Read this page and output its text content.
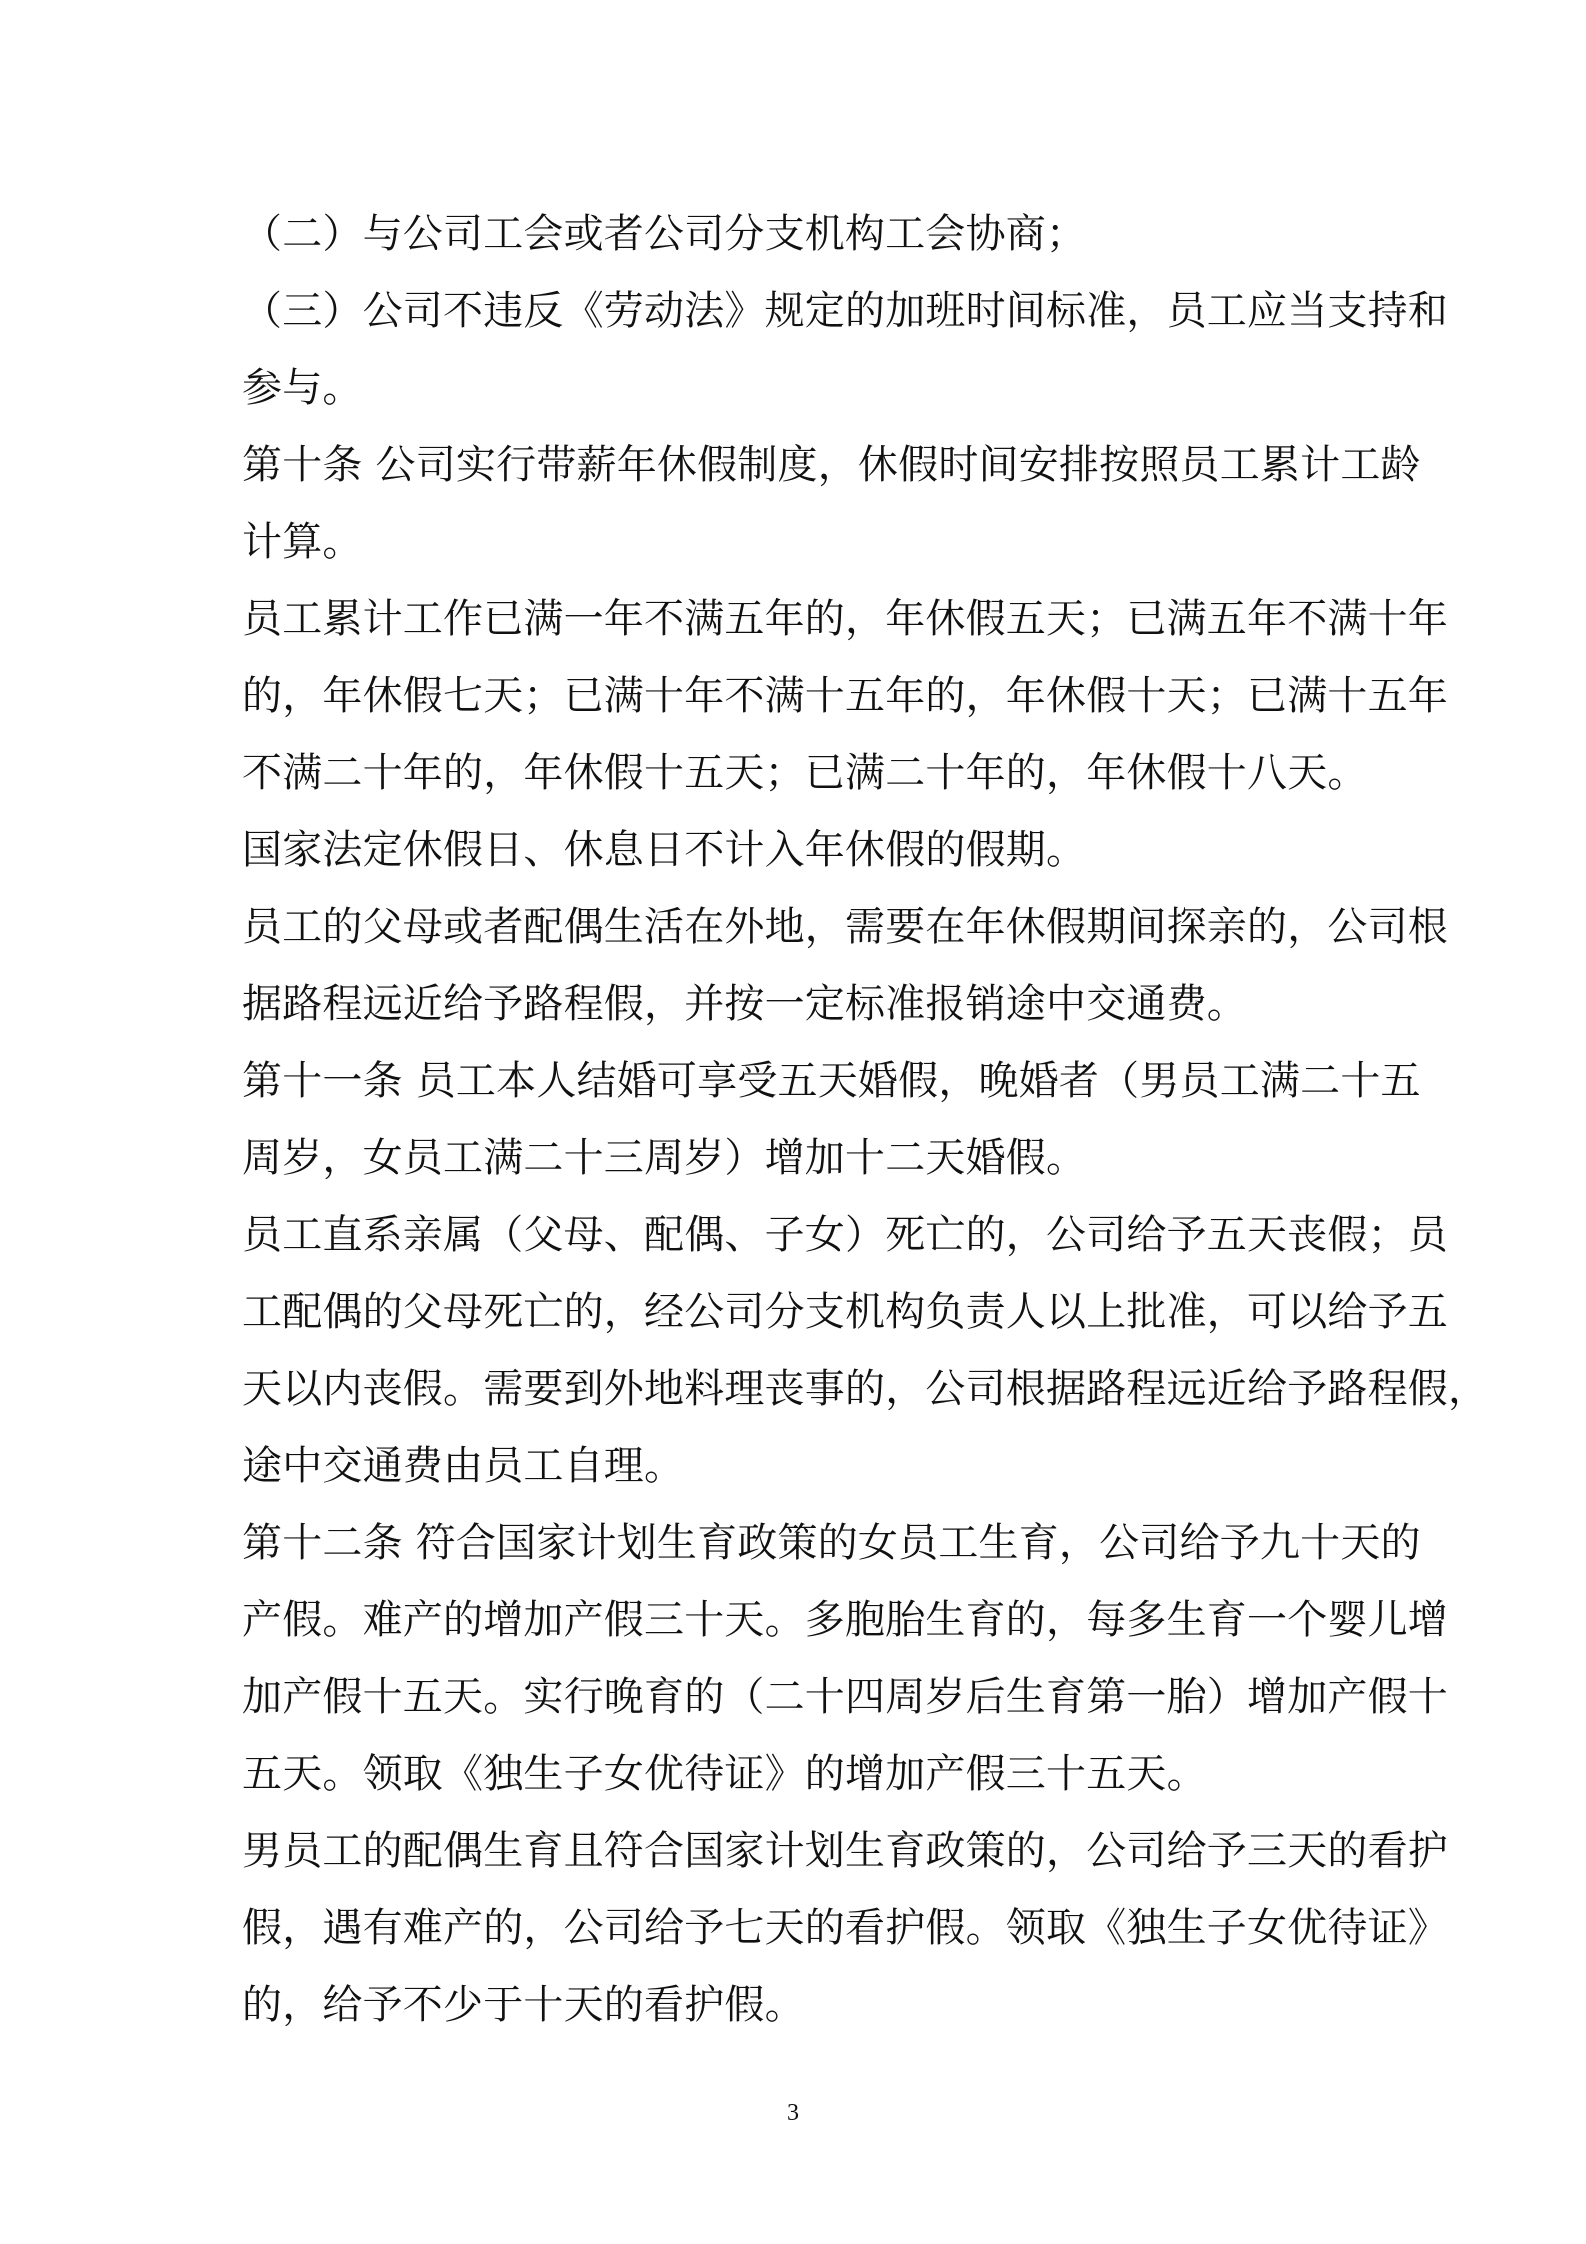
（二）与公司工会或者公司分支机构工会协商；
（三）公司不违反《劳动法》规定的加班时间标准，员工应当支持和
参与。
第十条 公司实行带薪年休假制度，休假时间安排按照员工累计工龄
计算。
员工累计工作已满一年不满五年的，年休假五天；已满五年不满十年
的，年休假七天；已满十年不满十五年的，年休假十天；已满十五年
不满二十年的，年休假十五天；已满二十年的，年休假十八天。
国家法定休假日、休息日不计入年休假的假期。
员工的父母或者配偶生活在外地，需要在年休假期间探亲的，公司根
据路程远近给予路程假，并按一定标准报销途中交通费。
第十一条 员工本人结婚可享受五天婚假，晚婚者（男员工满二十五
周岁，女员工满二十三周岁）增加十二天婚假。
员工直系亲属（父母、配偶、子女）死亡的，公司给予五天丧假；员
工配偶的父母死亡的，经公司分支机构负责人以上批准，可以给予五
天以内丧假。需要到外地料理丧事的，公司根据路程远近给予路程假，
途中交通费由员工自理。
第十二条 符合国家计划生育政策的女员工生育，公司给予九十天的
产假。难产的增加产假三十天。多胞胎生育的，每多生育一个婴儿增
加产假十五天。实行晚育的（二十四周岁后生育第一胎）增加产假十
五天。领取《独生子女优待证》的增加产假三十五天。
男员工的配偶生育且符合国家计划生育政策的，公司给予三天的看护
假，遇有难产的，公司给予七天的看护假。领取《独生子女优待证》
的，给予不少于十天的看护假。
3
